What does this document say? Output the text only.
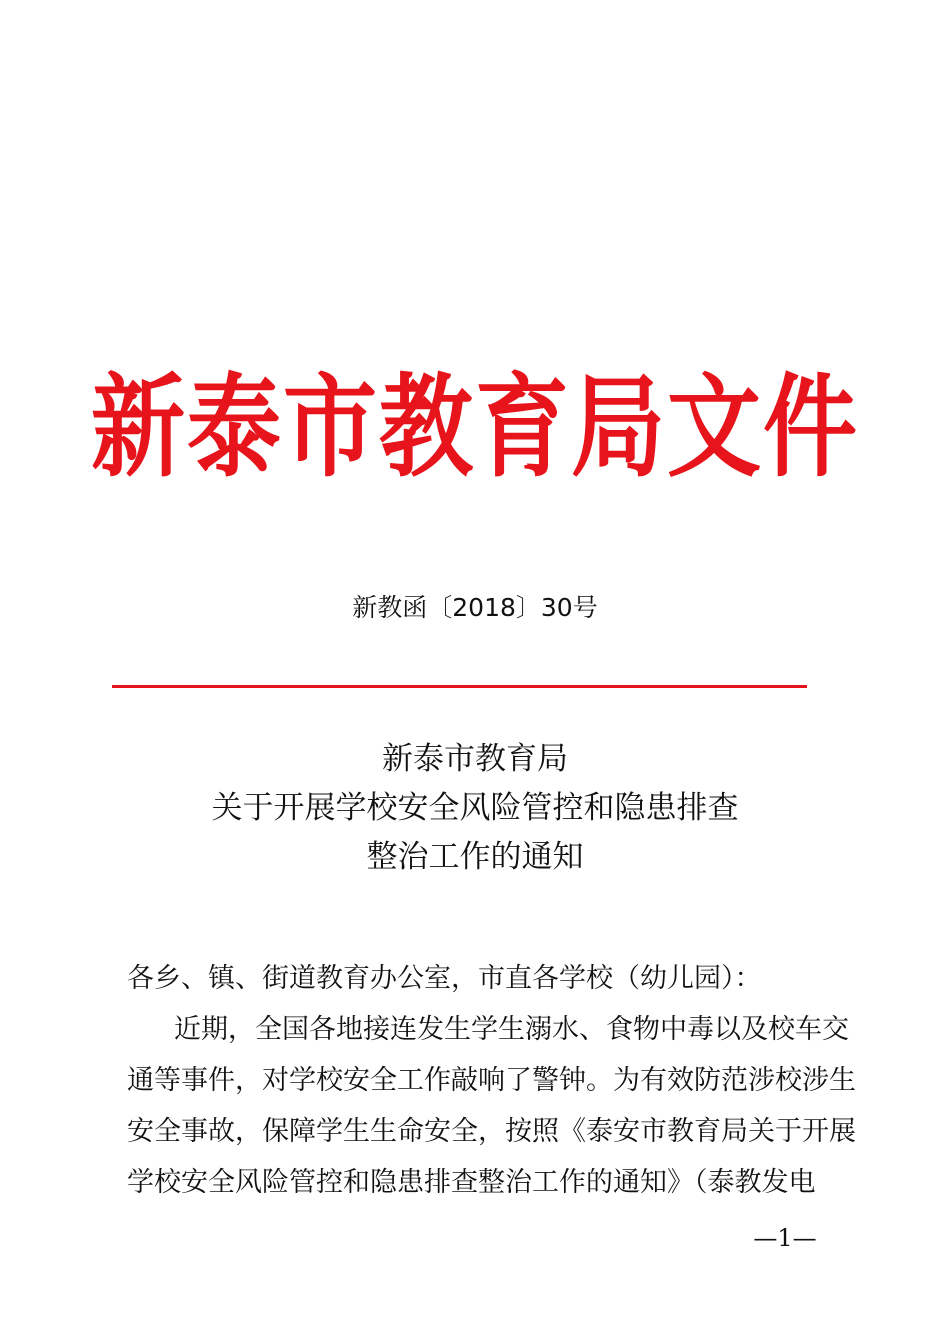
新泰市教育局文件
新教函〔2018〕30号
新泰市教育局
关于开展学校安全风险管控和隐患排查
整治工作的通知
各乡、镇、街道教育办公室，市直各学校（幼儿园）：
近期，全国各地接连发生学生溺水、食物中毒以及校车交
通等事件，对学校安全工作敲响了警钟。为有效防范涉校涉生
安全事故，保障学生生命安全，按照《泰安市教育局关于开展
学校安全风险管控和隐患排查整治工作的通知》（泰教发电
—1—
